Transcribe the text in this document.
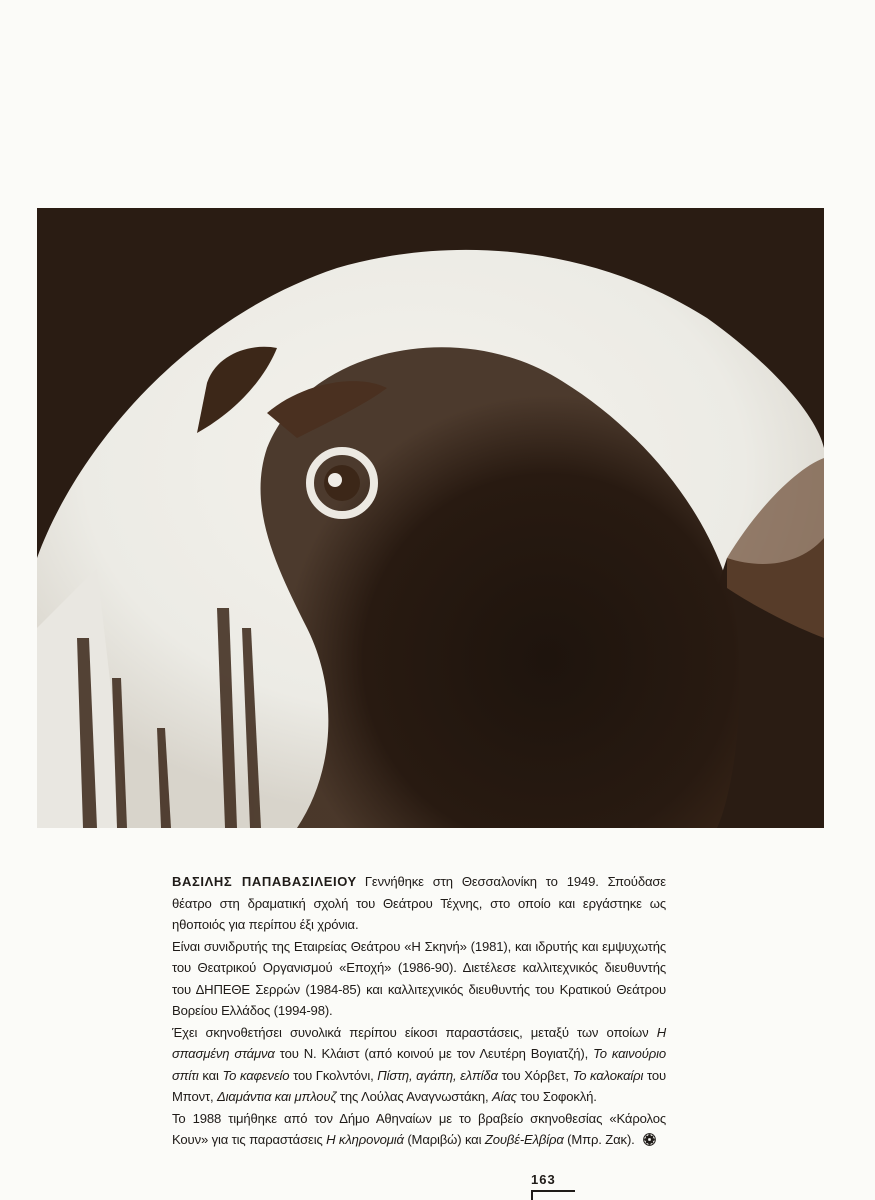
ΒΑΣΙΛΗΣ ΠΑΠΑΒΑΣΙΛΕΙΟΥ Γεννήθηκε στη Θεσσαλονίκη το 1949. Σπούδασε θέατρο στη δραματική σχολή του Θεάτρου Τέχνης, στο οποίο και εργάστηκε ως ηθοποιός για περίπου έξι χρόνια.

Είναι συνιδρυτής της Εταιρείας Θεάτρου «Η Σκηνή» (1981), και ιδρυτής και εμψυχωτής του Θεατρικού Οργανισμού «Εποχή» (1986-90). Διετέλεσε καλλιτεχνικός διευθυντής του ΔΗΠΕΘΕ Σερρών (1984-85) και καλλιτεχνικός διευθυντής του Κρατικού Θεάτρου Βορείου Ελλάδος (1994-98).

Έχει σκηνοθετήσει συνολικά περίπου είκοσι παραστάσεις, μεταξύ των οποίων Η σπασμένη στάμνα του Ν. Κλάιστ (από κοινού με τον Λευτέρη Βογιατζή), Το καινούριο σπίτι και Το καφενείο του Γκολντόνι, Πίστη, αγάπη, ελπίδα του Χόρβετ, Το καλοκαίρι του Μποντ, Διαμάντια και μπλουζ της Λούλας Αναγνωστάκη, Αίας του Σοφοκλή.

Το 1988 τιμήθηκε από τον Δήμο Αθηναίων με το βραβείο σκηνοθεσίας «Κάρολος Κουν» για τις παραστάσεις Η κληρονομιά (Μαριβώ) και Ζουβέ-Ελβίρα (Μπρ. Ζακ).

163
